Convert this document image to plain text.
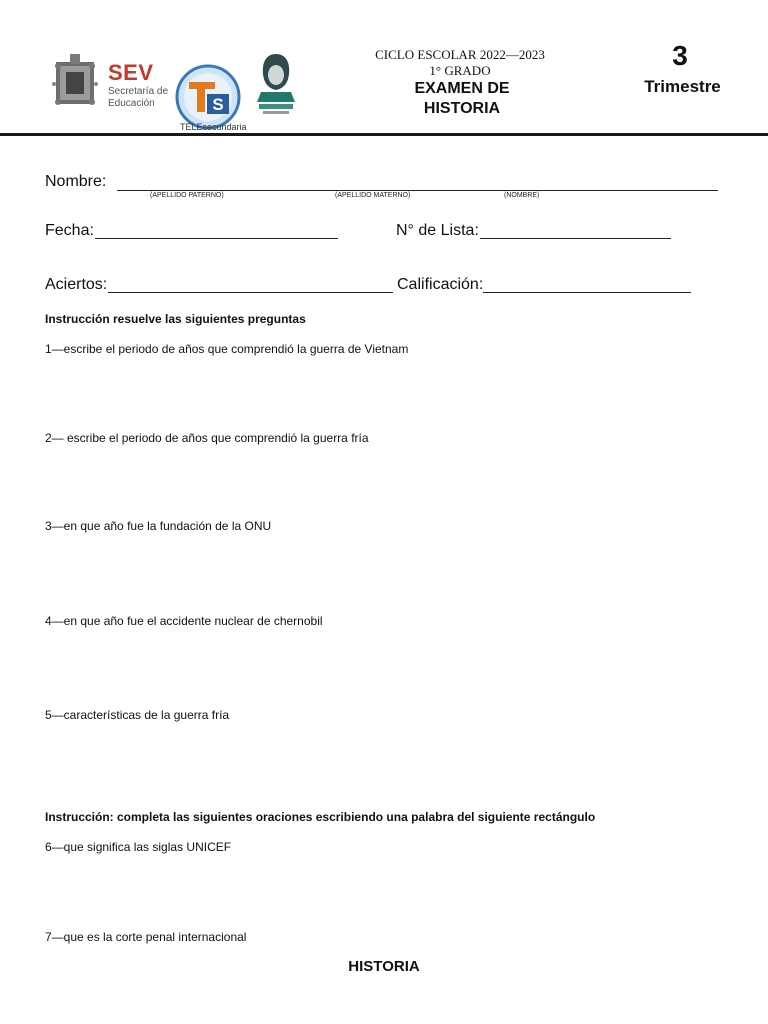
SEV
Secretaría de Educación	S
TELEsecundaria
CICLO ESCOLAR 2022—2023
1° GRADO
EXAMEN DE HISTORIA
3
Trimestre
Nombre:
(APELLIDO PATERNO)	(APELLIDO MATERNO)	(NOMBRE)
Fecha:	N° de Lista:
Aciertos:	Calificación:
Instrucción resuelve las siguientes preguntas
1—escribe el periodo de años que comprendió la guerra de Vietnam
2— escribe el periodo de años que comprendió la guerra fría
3—en que año fue la fundación de la ONU
4—en que año fue el accidente nuclear de chernobil
5—características de la guerra fría
Instrucción: completa las siguientes oraciones escribiendo una palabra del siguiente rectángulo
6—que significa las siglas UNICEF
7—que es la corte penal internacional
HISTORIA
